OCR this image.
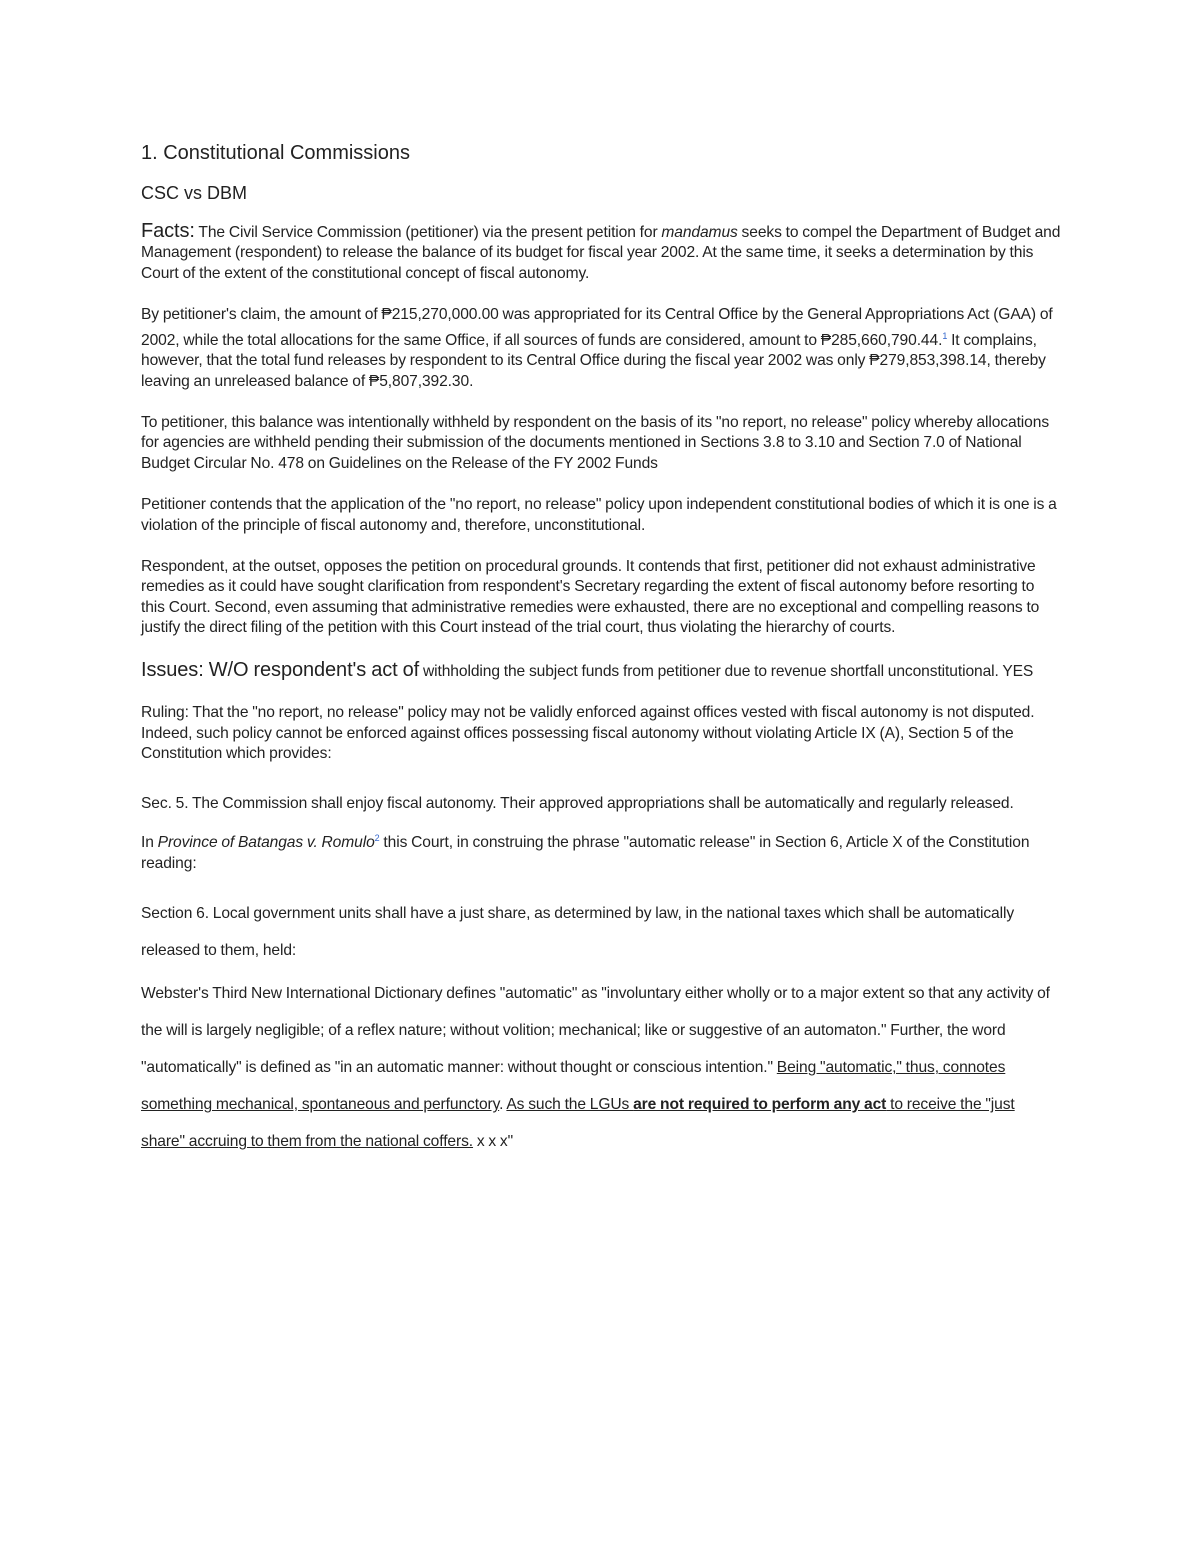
1. Constitutional Commissions
CSC vs DBM

Facts: The Civil Service Commission (petitioner) via the present petition for mandamus seeks to compel the Department of Budget and Management (respondent) to release the balance of its budget for fiscal year 2002. At the same time, it seeks a determination by this Court of the extent of the constitutional concept of fiscal autonomy.

By petitioner's claim, the amount of ₱215,270,000.00 was appropriated for its Central Office by the General Appropriations Act (GAA) of 2002, while the total allocations for the same Office, if all sources of funds are considered, amount to ₱285,660,790.44.$^1$ It complains, however, that the total fund releases by respondent to its Central Office during the fiscal year 2002 was only ₱279,853,398.14, thereby leaving an unreleased balance of ₱5,807,392.30.

To petitioner, this balance was intentionally withheld by respondent on the basis of its "no report, no release" policy whereby allocations for agencies are withheld pending their submission of the documents mentioned in Sections 3.8 to 3.10 and Section 7.0 of National Budget Circular No. 478 on Guidelines on the Release of the FY 2002 Funds

Petitioner contends that the application of the "no report, no release" policy upon independent constitutional bodies of which it is one is a violation of the principle of fiscal autonomy and, therefore, unconstitutional.

Respondent, at the outset, opposes the petition on procedural grounds. It contends that first, petitioner did not exhaust administrative remedies as it could have sought clarification from respondent's Secretary regarding the extent of fiscal autonomy before resorting to this Court. Second, even assuming that administrative remedies were exhausted, there are no exceptional and compelling reasons to justify the direct filing of the petition with this Court instead of the trial court, thus violating the hierarchy of courts.

Issues: W/O respondent's act of withholding the subject funds from petitioner due to revenue shortfall unconstitutional. YES

Ruling: That the "no report, no release" policy may not be validly enforced against offices vested with fiscal autonomy is not disputed. Indeed, such policy cannot be enforced against offices possessing fiscal autonomy without violating Article IX (A), Section 5 of the Constitution which provides:

Sec. 5. The Commission shall enjoy fiscal autonomy. Their approved appropriations shall be automatically and regularly released.

In Province of Batangas v. Romulo$^2$ this Court, in construing the phrase "automatic release" in Section 6, Article X of the Constitution reading:

Section 6. Local government units shall have a just share, as determined by law, in the national taxes which shall be automatically released to them, held:

Webster's Third New International Dictionary defines "automatic" as "involuntary either wholly or to a major extent so that any activity of the will is largely negligible; of a reflex nature; without volition; mechanical; like or suggestive of an automaton." Further, the word "automatically" is defined as "in an automatic manner: without thought or conscious intention." Being "automatic," thus, connotes something mechanical, spontaneous and perfunctory. As such the LGUs are not required to perform any act to receive the "just share" accruing to them from the national coffers. x x x"
